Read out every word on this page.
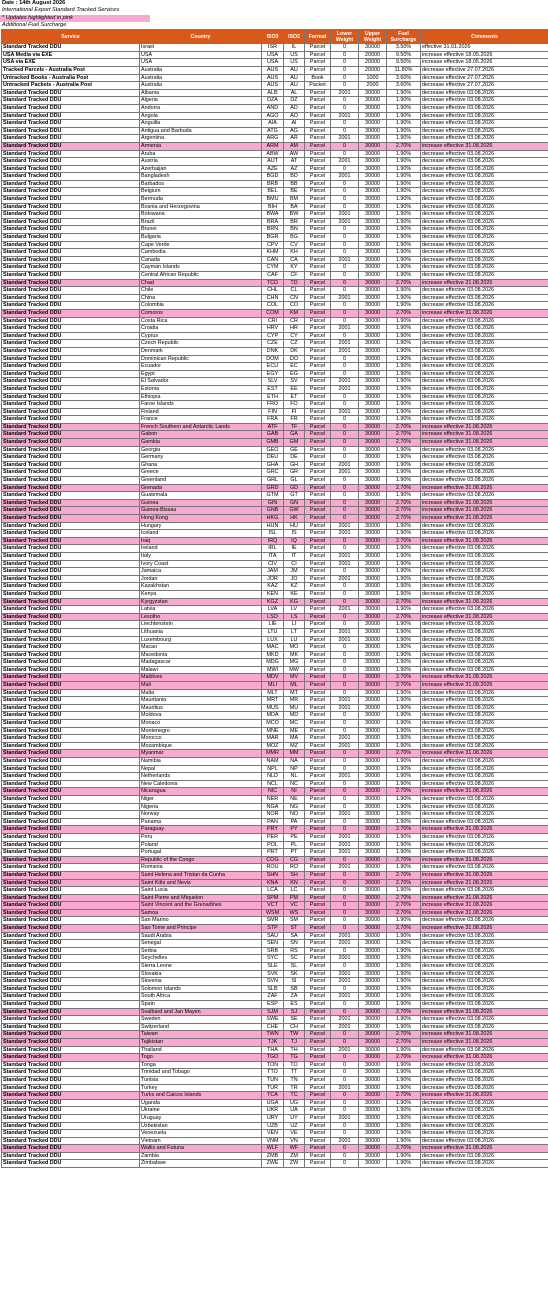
Date : 14th August 2026
International Export Standard Tracked Services
* Updates highlighted in pink
Additional Fuel Surcharge
Service	Country	ISO3	ISO2	Format	Lower Weight	Upper Weight	Fuel Surcharge	Comments
Standard Tracked DDU	Israel	ISR	IL	Parcel	0	30000	3.50%	effective 31.01.2026
USA Media via EXE	USA	USA	US	Parcel	0	20000	9.50%	increase effective 18.05.2026
USA via EXE	USA	USA	US	Parcel	0	20000	9.50%	increase effective 18.05.2026
Tracked Parcels - Australia Post	Australia	AUS	AU	Parcel	0	20000	11.80%	decrease effective 27.07.2026
Untracked Books - Australia Post	Australia	AUS	AU	Book	0	1000	3.60%	decrease effective 27.07.2026
Untracked Packets - Australia Post	Australia	AUS	AU	Packet	0	2000	3.60%	decrease effective 27.07.2026
Standard Tracked DDU	Albania	ALB	AL	Parcel	2001	30000	1.90%	decrease effective 03.08.2026
Standard Tracked DDU	Algeria	DZA	DZ	Parcel	0	30000	1.90%	decrease effective 03.08.2026
Standard Tracked DDU	Andorra	AND	AD	Parcel	0	30000	1.90%	decrease effective 03.08.2026
Standard Tracked DDU	Angola	AGO	AO	Parcel	2001	30000	1.90%	decrease effective 03.08.2026
Standard Tracked DDU	Anguilla	AIA	AI	Parcel	0	30000	1.90%	decrease effective 03.08.2026
Standard Tracked DDU	Antigua and Barbuda	ATG	AG	Parcel	0	30000	1.90%	decrease effective 03.08.2026
Standard Tracked DDU	Argentina	ARG	AR	Parcel	2001	30000	1.90%	decrease effective 03.08.2026
Standard Tracked DDU	Armenia	ARM	AM	Parcel	0	30000	2.70%	increase effective 31.08.2026
Standard Tracked DDU	Aruba	ABW	AW	Parcel	0	30000	1.90%	decrease effective 03.08.2026
Standard Tracked DDU	Austria	AUT	AT	Parcel	2001	30000	1.90%	decrease effective 03.08.2026
Standard Tracked DDU	Azerbaijan	AZE	AZ	Parcel	0	30000	1.90%	decrease effective 03.08.2026
Standard Tracked DDU	Bangladesh	BGD	BD	Parcel	2001	30000	1.90%	decrease effective 03.08.2026
Standard Tracked DDU	Barbados	BRB	BB	Parcel	0	30000	1.90%	decrease effective 03.08.2026
Standard Tracked DDU	Belgium	BEL	BE	Parcel	0	30000	1.90%	decrease effective 03.08.2026
Standard Tracked DDU	Bermuda	BMU	BM	Parcel	0	30000	1.90%	decrease effective 03.08.2026
Standard Tracked DDU	Bosnia and Herzegovina	BIH	BA	Parcel	0	30000	1.90%	decrease effective 03.08.2026
Standard Tracked DDU	Botswana	BWA	BW	Parcel	2001	30000	1.90%	decrease effective 03.08.2026
Standard Tracked DDU	Brazil	BRA	BR	Parcel	2001	30000	1.90%	decrease effective 03.08.2026
Standard Tracked DDU	Brunei	BRN	BN	Parcel	0	30000	1.90%	decrease effective 03.08.2026
Standard Tracked DDU	Bulgaria	BGR	BG	Parcel	0	30000	1.90%	decrease effective 03.08.2026
Standard Tracked DDU	Cape Verde	CPV	CV	Parcel	0	30000	1.90%	decrease effective 03.08.2026
Standard Tracked DDU	Cambodia	KHM	KH	Parcel	0	30000	1.90%	decrease effective 03.08.2026
Standard Tracked DDU	Canada	CAN	CA	Parcel	2001	30000	1.90%	decrease effective 03.08.2026
Standard Tracked DDU	Cayman Islands	CYM	KY	Parcel	0	30000	1.90%	decrease effective 03.08.2026
Standard Tracked DDU	Central African Republic	CAF	CF	Parcel	0	30000	1.90%	decrease effective 03.08.2026
Standard Tracked DDU	Chad	TCD	TD	Parcel	0	30000	2.70%	increase effective 31.08.2026
Standard Tracked DDU	Chile	CHL	CL	Parcel	0	30000	1.90%	decrease effective 03.08.2026
Standard Tracked DDU	China	CHN	CN	Parcel	2001	30000	1.90%	decrease effective 03.08.2026
Standard Tracked DDU	Colombia	COL	CO	Parcel	0	30000	1.90%	decrease effective 03.08.2026
Standard Tracked DDU	Comoros	COM	KM	Parcel	0	30000	2.70%	increase effective 31.08.2026
Standard Tracked DDU	Costa Rica	CRI	CR	Parcel	0	30000	1.90%	decrease effective 03.08.2026
Standard Tracked DDU	Croatia	HRV	HR	Parcel	2001	30000	1.90%	decrease effective 03.08.2026
Standard Tracked DDU	Cyprus	CYP	CY	Parcel	0	30000	1.90%	decrease effective 03.08.2026
Standard Tracked DDU	Czech Republic	CZE	CZ	Parcel	2001	30000	1.90%	decrease effective 03.08.2026
Standard Tracked DDU	Denmark	DNK	DK	Parcel	2001	30000	1.90%	decrease effective 03.08.2026
Standard Tracked DDU	Dominican Republic	DOM	DO	Parcel	0	30000	1.90%	decrease effective 03.08.2026
Standard Tracked DDU	Ecuador	ECU	EC	Parcel	0	30000	1.90%	decrease effective 03.08.2026
Standard Tracked DDU	Egypt	EGY	EG	Parcel	0	30000	1.90%	decrease effective 03.08.2026
Standard Tracked DDU	El Salvador	SLV	SV	Parcel	2001	30000	1.90%	decrease effective 03.08.2026
Standard Tracked DDU	Estonia	EST	EE	Parcel	2001	30000	1.90%	decrease effective 03.08.2026
Standard Tracked DDU	Ethiopia	ETH	ET	Parcel	0	30000	1.90%	decrease effective 03.08.2026
Standard Tracked DDU	Faroe Islands	FRO	FO	Parcel	0	30000	1.90%	decrease effective 03.08.2026
Standard Tracked DDU	Finland	FIN	FI	Parcel	2001	30000	1.90%	decrease effective 03.08.2026
Standard Tracked DDU	France	FRA	FR	Parcel	0	30000	1.90%	decrease effective 03.08.2026
Standard Tracked DDU	French Southern and Antarctic Lands	ATF	TF	Parcel	0	30000	2.70%	increase effective 31.08.2026
Standard Tracked DDU	Gabon	GAB	GA	Parcel	0	30000	2.70%	increase effective 31.08.2026
Standard Tracked DDU	Gambia	GMB	GM	Parcel	0	30000	2.70%	increase effective 31.08.2026
Standard Tracked DDU	Georgia	GEO	GE	Parcel	0	30000	1.90%	decrease effective 03.08.2026
Standard Tracked DDU	Germany	DEU	DE	Parcel	0	30000	1.90%	decrease effective 03.08.2026
Standard Tracked DDU	Ghana	GHA	GH	Parcel	2001	30000	1.90%	decrease effective 03.08.2026
Standard Tracked DDU	Greece	GRC	GR	Parcel	2001	30000	1.90%	decrease effective 03.08.2026
Standard Tracked DDU	Greenland	GRL	GL	Parcel	0	30000	1.90%	decrease effective 03.08.2026
Standard Tracked DDU	Grenada	GRD	GD	Parcel	0	30000	2.70%	increase effective 31.08.2026
Standard Tracked DDU	Guatemala	GTM	GT	Parcel	0	30000	1.90%	decrease effective 03.08.2026
Standard Tracked DDU	Guinea	GIN	GN	Parcel	0	30000	2.70%	increase effective 31.08.2026
Standard Tracked DDU	Guinea-Bissau	GNB	GW	Parcel	0	30000	2.70%	increase effective 31.08.2026
Standard Tracked DDU	Hong Kong	HKG	HK	Parcel	0	30000	2.70%	increase effective 31.08.2026
Standard Tracked DDU	Hungary	HUN	HU	Parcel	2001	30000	1.90%	decrease effective 03.08.2026
Standard Tracked DDU	Iceland	ISL	IS	Parcel	2001	30000	1.90%	decrease effective 03.08.2026
Standard Tracked DDU	Iraq	IRQ	IQ	Parcel	0	30000	2.70%	increase effective 31.08.2026
Standard Tracked DDU	Ireland	IRL	IE	Parcel	0	30000	1.90%	decrease effective 03.08.2026
Standard Tracked DDU	Italy	ITA	IT	Parcel	2001	30000	1.90%	decrease effective 03.08.2026
Standard Tracked DDU	Ivory Coast	CIV	CI	Parcel	2001	30000	1.90%	decrease effective 03.08.2026
Standard Tracked DDU	Jamaica	JAM	JM	Parcel	0	30000	1.90%	decrease effective 03.08.2026
Standard Tracked DDU	Jordan	JOR	JO	Parcel	2001	30000	1.90%	decrease effective 03.08.2026
Standard Tracked DDU	Kazakhstan	KAZ	KZ	Parcel	0	30000	1.90%	decrease effective 03.08.2026
Standard Tracked DDU	Kenya	KEN	KE	Parcel	0	30000	1.90%	decrease effective 03.08.2026
Standard Tracked DDU	Kyrgyzstan	KGZ	KG	Parcel	0	30000	2.70%	increase effective 31.08.2026
Standard Tracked DDU	Latvia	LVA	LV	Parcel	2001	30000	1.90%	decrease effective 03.08.2026
Standard Tracked DDU	Lesotho	LSO	LS	Parcel	0	30000	2.70%	increase effective 31.08.2026
Standard Tracked DDU	Liechtenstein	LIE	LI	Parcel	0	30000	1.90%	decrease effective 03.08.2026
Standard Tracked DDU	Lithuania	LTU	LT	Parcel	2001	30000	1.90%	decrease effective 03.08.2026
Standard Tracked DDU	Luxembourg	LUX	LU	Parcel	2001	30000	1.90%	decrease effective 03.08.2026
Standard Tracked DDU	Macao	MAC	MO	Parcel	0	30000	1.90%	decrease effective 03.08.2026
Standard Tracked DDU	Macedonia	MKD	MK	Parcel	0	30000	1.90%	decrease effective 03.08.2026
Standard Tracked DDU	Madagascar	MDG	MG	Parcel	0	30000	1.90%	decrease effective 03.08.2026
Standard Tracked DDU	Malawi	MWI	MW	Parcel	0	30000	1.90%	decrease effective 03.08.2026
Standard Tracked DDU	Maldives	MDV	MV	Parcel	0	30000	2.70%	increase effective 31.08.2026
Standard Tracked DDU	Mali	MLI	ML	Parcel	0	30000	2.70%	increase effective 31.08.2026
Standard Tracked DDU	Malta	MLT	MT	Parcel	0	30000	1.90%	decrease effective 03.08.2026
Standard Tracked DDU	Mauritania	MRT	MR	Parcel	2001	30000	1.90%	decrease effective 03.08.2026
Standard Tracked DDU	Mauritius	MUS	MU	Parcel	2001	30000	1.90%	decrease effective 03.08.2026
Standard Tracked DDU	Moldova	MDA	MD	Parcel	0	30000	1.90%	decrease effective 03.08.2026
Standard Tracked DDU	Monaco	MCO	MC	Parcel	0	30000	1.90%	decrease effective 03.08.2026
Standard Tracked DDU	Montenegro	MNE	ME	Parcel	0	30000	1.90%	decrease effective 03.08.2026
Standard Tracked DDU	Morocco	MAR	MA	Parcel	2001	30000	1.90%	decrease effective 03.08.2026
Standard Tracked DDU	Mozambique	MOZ	MZ	Parcel	2001	30000	1.90%	decrease effective 03.08.2026
Standard Tracked DDU	Myanmar	MMR	MM	Parcel	0	30000	2.70%	increase effective 31.08.2026
Standard Tracked DDU	Namibia	NAM	NA	Parcel	0	30000	1.90%	decrease effective 03.08.2026
Standard Tracked DDU	Nepal	NPL	NP	Parcel	0	30000	1.90%	decrease effective 03.08.2026
Standard Tracked DDU	Netherlands	NLD	NL	Parcel	2001	30000	1.90%	decrease effective 03.08.2026
Standard Tracked DDU	New Caledonia	NCL	NC	Parcel	0	30000	1.90%	decrease effective 03.08.2026
Standard Tracked DDU	Nicaragua	NIC	NI	Parcel	0	30000	2.70%	increase effective 31.08.2026
Standard Tracked DDU	Niger	NER	NE	Parcel	0	30000	1.90%	decrease effective 03.08.2026
Standard Tracked DDU	Nigeria	NGA	NG	Parcel	0	30000	1.90%	decrease effective 03.08.2026
Standard Tracked DDU	Norway	NOR	NO	Parcel	2001	30000	1.90%	decrease effective 03.08.2026
Standard Tracked DDU	Panama	PAN	PA	Parcel	0	30000	1.90%	decrease effective 03.08.2026
Standard Tracked DDU	Paraguay	PRY	PY	Parcel	0	30000	2.70%	increase effective 31.08.2026
Standard Tracked DDU	Peru	PER	PE	Parcel	2001	30000	1.90%	decrease effective 03.08.2026
Standard Tracked DDU	Poland	POL	PL	Parcel	2001	30000	1.90%	decrease effective 03.08.2026
Standard Tracked DDU	Portugal	PRT	PT	Parcel	2001	30000	1.90%	decrease effective 03.08.2026
Standard Tracked DDU	Republic of the Congo	COG	CG	Parcel	0	30000	2.70%	increase effective 31.08.2026
Standard Tracked DDU	Romania	ROU	RO	Parcel	2001	30000	1.90%	decrease effective 03.08.2026
Standard Tracked DDU	Saint Helena and Tristan da Cunha	SHN	SH	Parcel	0	30000	2.70%	increase effective 31.08.2026
Standard Tracked DDU	Saint Kitts and Nevis	KNA	KN	Parcel	0	30000	2.70%	increase effective 31.08.2026
Standard Tracked DDU	Saint Lucia	LCA	LC	Parcel	0	30000	1.90%	decrease effective 03.08.2026
Standard Tracked DDU	Saint Pierre and Miquelon	SPM	PM	Parcel	0	30000	2.70%	increase effective 31.08.2026
Standard Tracked DDU	Saint Vincent and the Grenadines	VCT	VC	Parcel	0	30000	2.70%	increase effective 31.08.2026
Standard Tracked DDU	Samoa	WSM	WS	Parcel	0	30000	2.70%	increase effective 31.08.2026
Standard Tracked DDU	San Marino	SMR	SM	Parcel	0	30000	1.90%	decrease effective 03.08.2026
Standard Tracked DDU	Sao Tome and Principe	STP	ST	Parcel	0	30000	2.70%	increase effective 31.08.2026
Standard Tracked DDU	Saudi Arabia	SAU	SA	Parcel	2001	30000	1.90%	decrease effective 03.08.2026
Standard Tracked DDU	Senegal	SEN	SN	Parcel	2001	30000	1.90%	decrease effective 03.08.2026
Standard Tracked DDU	Serbia	SRB	RS	Parcel	0	30000	1.90%	decrease effective 03.08.2026
Standard Tracked DDU	Seychelles	SYC	SC	Parcel	2001	30000	1.90%	decrease effective 03.08.2026
Standard Tracked DDU	Sierra Leone	SLE	SL	Parcel	0	30000	1.90%	decrease effective 03.08.2026
Standard Tracked DDU	Slovakia	SVK	SK	Parcel	2001	30000	1.90%	decrease effective 03.08.2026
Standard Tracked DDU	Slovenia	SVN	SI	Parcel	2001	30000	1.90%	decrease effective 03.08.2026
Standard Tracked DDU	Solomon Islands	SLB	SB	Parcel	0	30000	1.90%	decrease effective 03.08.2026
Standard Tracked DDU	South Africa	ZAF	ZA	Parcel	2001	30000	1.90%	decrease effective 03.08.2026
Standard Tracked DDU	Spain	ESP	ES	Parcel	0	30000	1.90%	decrease effective 03.08.2026
Standard Tracked DDU	Svalbard and Jan Mayen	SJM	SJ	Parcel	0	30000	2.70%	increase effective 31.08.2026
Standard Tracked DDU	Sweden	SWE	SE	Parcel	2001	30000	1.90%	decrease effective 03.08.2026
Standard Tracked DDU	Switzerland	CHE	CH	Parcel	2001	30000	1.90%	decrease effective 03.08.2026
Standard Tracked DDU	Taiwan	TWN	TW	Parcel	0	30000	2.70%	increase effective 31.08.2026
Standard Tracked DDU	Tajikistan	TJK	TJ	Parcel	0	30000	2.70%	increase effective 31.08.2026
Standard Tracked DDU	Thailand	THA	TH	Parcel	2001	30000	1.90%	decrease effective 03.08.2026
Standard Tracked DDU	Togo	TGO	TG	Parcel	0	30000	2.70%	increase effective 31.08.2026
Standard Tracked DDU	Tonga	TON	TO	Parcel	0	30000	1.90%	decrease effective 03.08.2026
Standard Tracked DDU	Trinidad and Tobago	TTO	TT	Parcel	0	30000	1.90%	decrease effective 03.08.2026
Standard Tracked DDU	Tunisia	TUN	TN	Parcel	0	30000	1.90%	decrease effective 03.08.2026
Standard Tracked DDU	Turkey	TUR	TR	Parcel	2001	30000	1.90%	decrease effective 03.08.2026
Standard Tracked DDU	Turks and Caicos Islands	TCA	TC	Parcel	0	30000	2.70%	increase effective 31.08.2026
Standard Tracked DDU	Uganda	UGA	UG	Parcel	0	30000	1.90%	decrease effective 03.08.2026
Standard Tracked DDU	Ukraine	UKR	UA	Parcel	0	30000	1.90%	decrease effective 03.08.2026
Standard Tracked DDU	Uruguay	URY	UY	Parcel	2001	30000	1.90%	decrease effective 03.08.2026
Standard Tracked DDU	Uzbekistan	UZB	UZ	Parcel	0	30000	1.90%	decrease effective 03.08.2026
Standard Tracked DDU	Venezuela	VEN	VE	Parcel	0	30000	1.90%	decrease effective 03.08.2026
Standard Tracked DDU	Vietnam	VNM	VN	Parcel	2001	30000	1.90%	decrease effective 03.08.2026
Standard Tracked DDU	Wallis and Futuna	WLF	WF	Parcel	0	30000	2.70%	increase effective 31.08.2026
Standard Tracked DDU	Zambia	ZMB	ZM	Parcel	0	30000	1.90%	decrease effective 03.08.2026
Standard Tracked DDU	Zimbabwe	ZWE	ZW	Parcel	0	30000	1.90%	decrease effective 03.08.2026
